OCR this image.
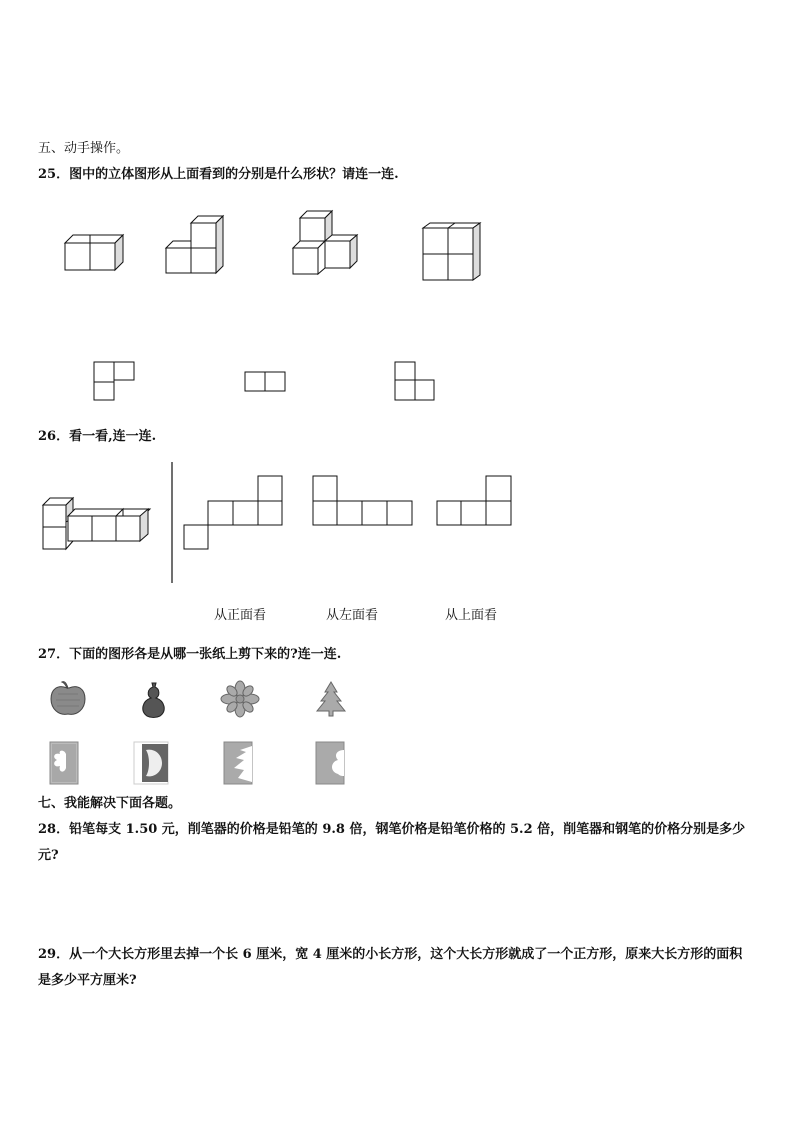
五、动手操作。
25．图中的立体图形从上面看到的分别是什么形状？请连一连.
26．看一看,连一连.
从正面看	从左面看	从上面看
27．下面的图形各是从哪一张纸上剪下来的?连一连.
七、我能解决下面各题。
28．铅笔每支 1.50 元，削笔器的价格是铅笔的 9.8 倍，钢笔价格是铅笔价格的 5.2 倍，削笔器和钢笔的价格分别是多少元?
29．从一个大长方形里去掉一个长 6 厘米，宽 4 厘米的小长方形，这个大长方形就成了一个正方形，原来大长方形的面积是多少平方厘米?
